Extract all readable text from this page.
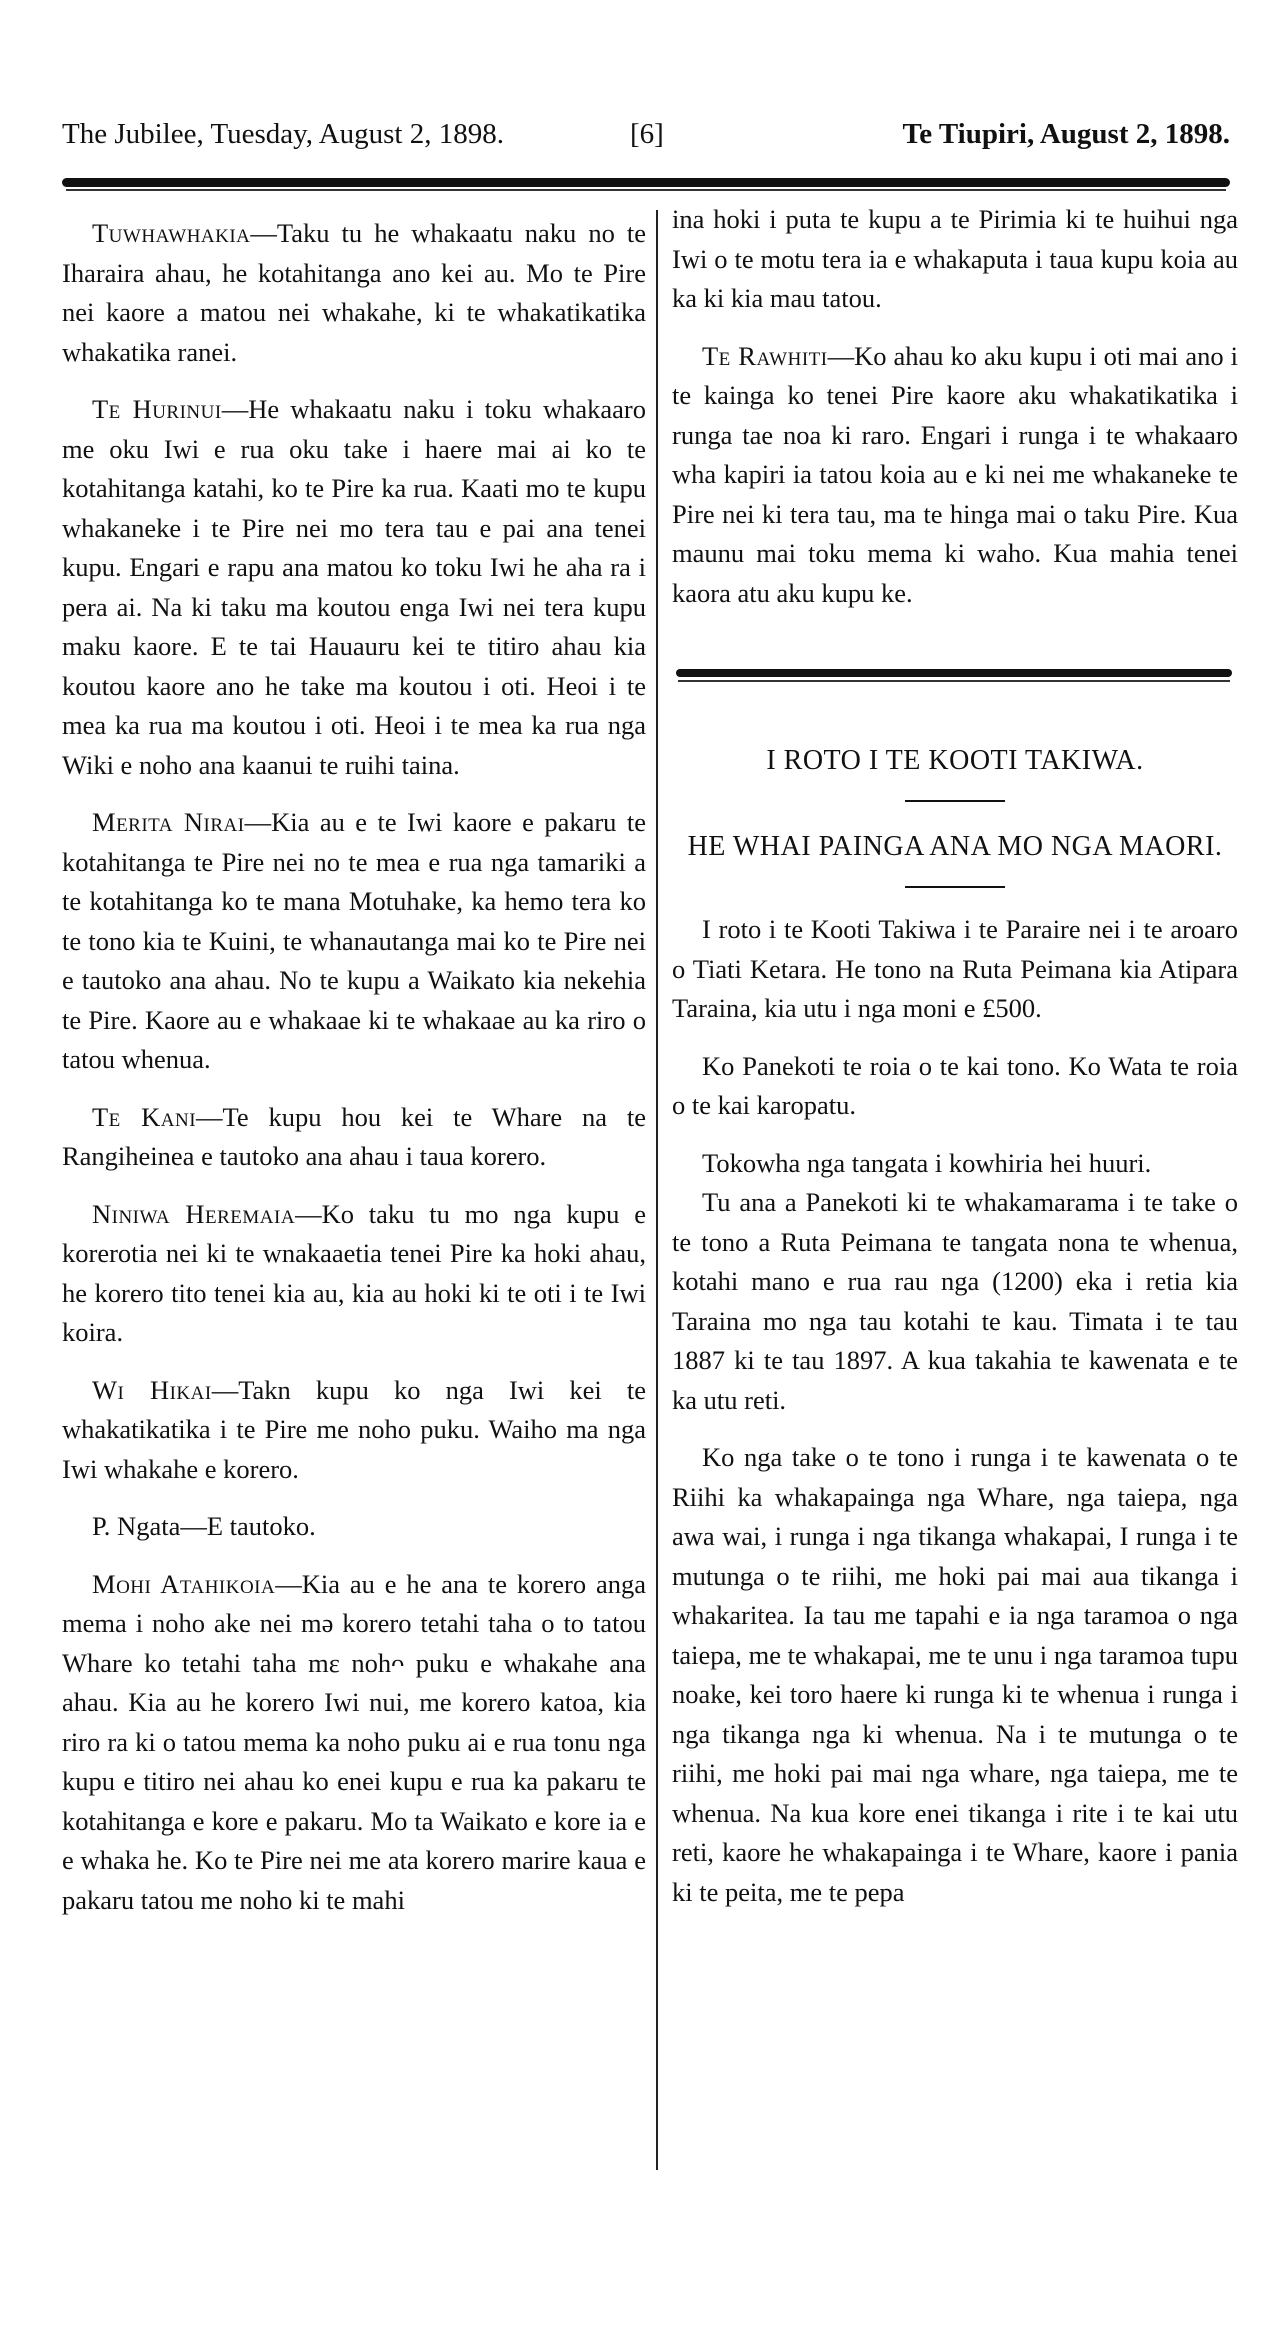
The Jubilee, Tuesday, August 2, 1898.	[6]	Te Tiupiri, August 2, 1898.

Tuwhawhakia—Taku tu he whakaatu naku no te Iharaira ahau, he kotahitanga ano kei au. Mo te Pire nei kaore a matou nei whakahe, ki te whakatikatika whakatika ranei.

Te Hurinui—He whakaatu naku i toku whakaaro me oku Iwi e rua oku take i haere mai ai ko te kotahitanga katahi, ko te Pire ka rua. Kaati mo te kupu whakaneke i te Pire nei mo tera tau e pai ana tenei kupu. Engari e rapu ana matou ko toku Iwi he aha ra i pera ai. Na ki taku ma koutou enga Iwi nei tera kupu maku kaore. E te tai Hauauru kei te titiro ahau kia koutou kaore ano he take ma koutou i oti. Heoi i te mea ka rua ma koutou i oti. Heoi i te mea ka rua nga Wiki e noho ana kaanui te ruihi taina.

Merita Nirai—Kia au e te Iwi kaore e pakaru te kotahitanga te Pire nei no te mea e rua nga tamariki a te kotahitanga ko te mana Motuhake, ka hemo tera ko te tono kia te Kuini, te whanautanga mai ko te Pire nei e tautoko ana ahau. No te kupu a Waikato kia nekehia te Pire. Kaore au e whakaae ki te whakaae au ka riro o tatou whenua.

Te Kani—Te kupu hou kei te Whare na te Rangiheinea e tautoko ana ahau i taua korero.

Niniwa Heremaia—Ko taku tu mo nga kupu e korerotia nei ki te wnakaaetia tenei Pire ka hoki ahau, he korero tito tenei kia au, kia au hoki ki te oti i te Iwi koira.

Wi Hikai—Takn kupu ko nga Iwi kei te whakatikatika i te Pire me noho puku. Waiho ma nga Iwi whakahe e korero.

P. Ngata—E tautoko.

Mohi Atahikoia—Kia au e he ana te korero anga mema i noho ake nei mə korero tetahi taha o to tatou Whare ko tetahi taha mε nohᴖ puku e whakahe ana ahau. Kia au he korero Iwi nui, me korero katoa, kia riro ra ki o tatou mema ka noho puku ai e rua tonu nga kupu e titiro nei ahau ko enei kupu e rua ka pakaru te kotahitanga e kore e pakaru. Mo ta Waikato e kore ia e e whaka he. Ko te Pire nei me ata korero marire kaua e pakaru tatou me noho ki te mahi

ina hoki i puta te kupu a te Pirimia ki te huihui nga Iwi o te motu tera ia e whakaputa i taua kupu koia au ka ki kia mau tatou.

Te Rawhiti—Ko ahau ko aku kupu i oti mai ano i te kainga ko tenei Pire kaore aku whakatikatika i runga tae noa ki raro. Engari i runga i te whakaaro wha kapiri ia tatou koia au e ki nei me whakaneke te Pire nei ki tera tau, ma te hinga mai o taku Pire. Kua maunu mai toku mema ki waho. Kua mahia tenei kaora atu aku kupu ke.

I ROTO I TE KOOTI TAKIWA.
HE WHAI PAINGA ANA MO NGA MAORI.

I roto i te Kooti Takiwa i te Paraire nei i te aroaro o Tiati Ketara. He tono na Ruta Peimana kia Atipara Taraina, kia utu i nga moni e £500.

Ko Panekoti te roia o te kai tono. Ko Wata te roia o te kai karopatu.

Tokowha nga tangata i kowhiria hei huuri.

Tu ana a Panekoti ki te whakamarama i te take o te tono a Ruta Peimana te tangata nona te whenua, kotahi mano e rua rau nga (1200) eka i retia kia Taraina mo nga tau kotahi te kau. Timata i te tau 1887 ki te tau 1897. A kua takahia te kawenata e te ka utu reti.

Ko nga take o te tono i runga i te kawenata o te Riihi ka whakapainga nga Whare, nga taiepa, nga awa wai, i runga i nga tikanga whakapai, I runga i te mutunga o te riihi, me hoki pai mai aua tikanga i whakaritea. Ia tau me tapahi e ia nga taramoa o nga taiepa, me te whakapai, me te unu i nga taramoa tupu noake, kei toro haere ki runga ki te whenua i runga i nga tikanga nga ki whenua. Na i te mutunga o te riihi, me hoki pai mai nga whare, nga taiepa, me te whenua. Na kua kore enei tikanga i rite i te kai utu reti, kaore he whakapainga i te Whare, kaore i pania ki te peita, me te pepa
